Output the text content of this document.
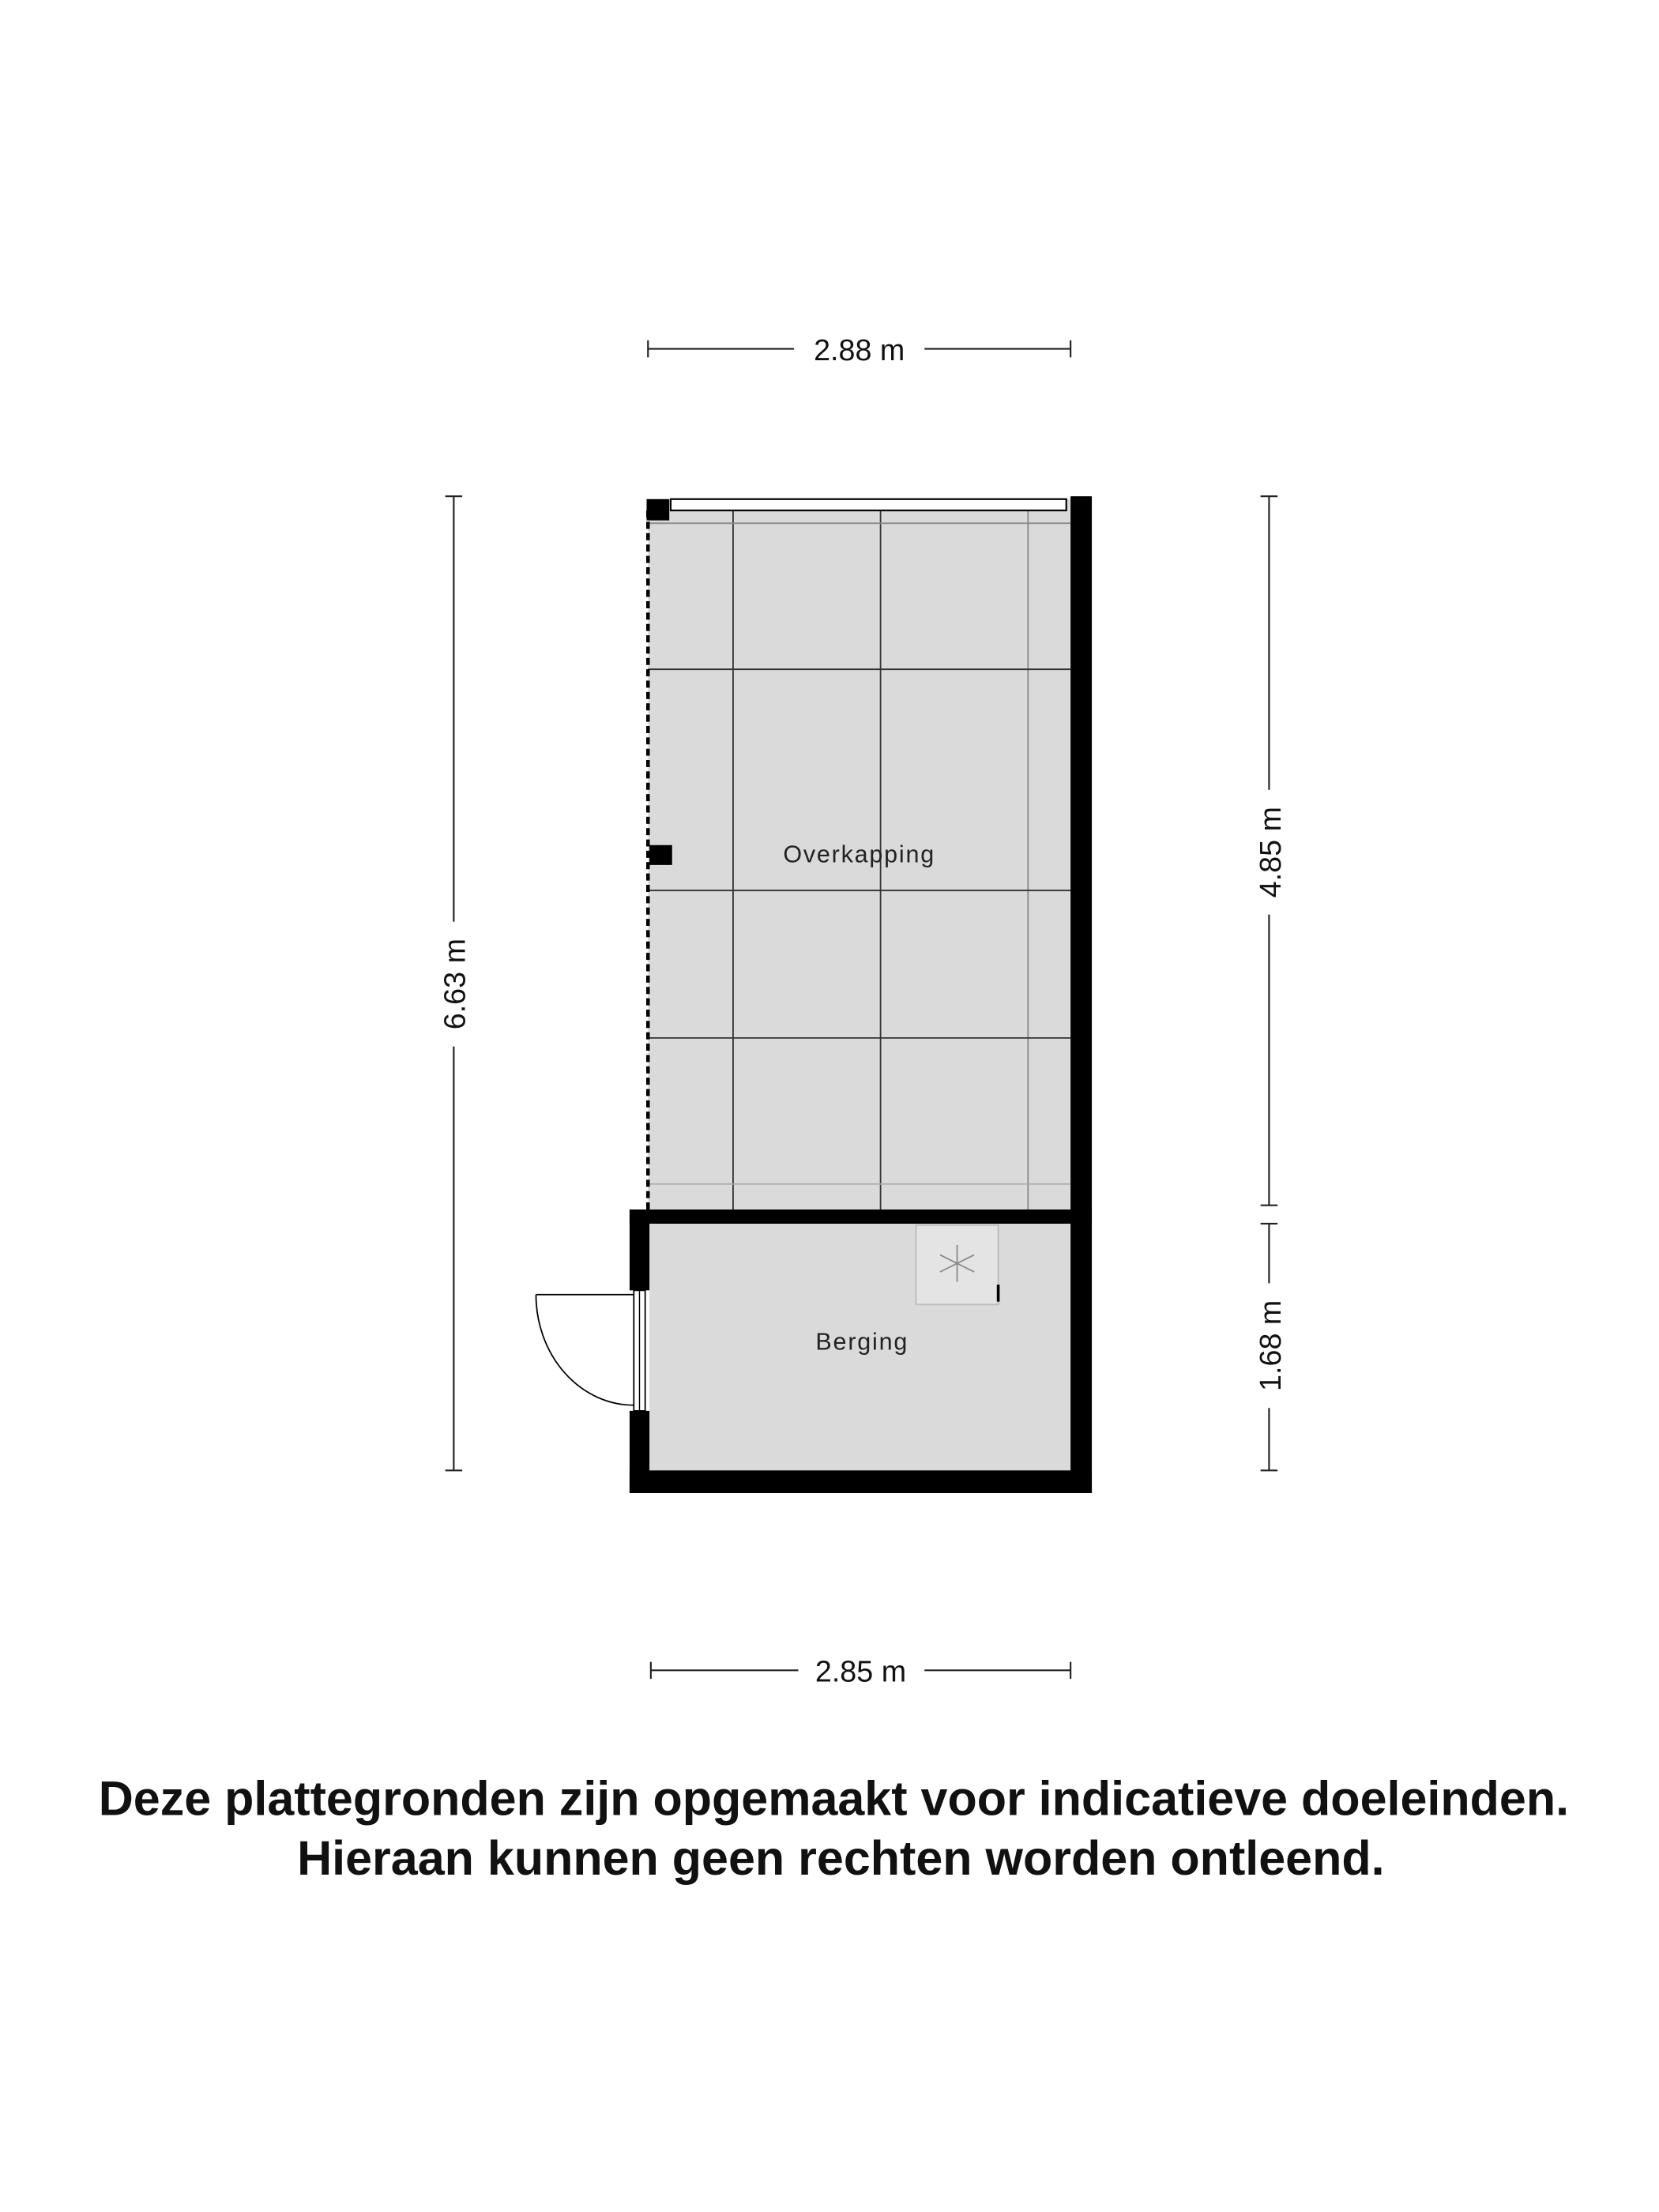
2.88 m
6.63 m
4.85 m
1.68 m
2.85 m
Overkapping
Berging
Deze plattegronden zijn opgemaakt voor indicatieve doeleinden.
Hieraan kunnen geen rechten worden ontleend.
